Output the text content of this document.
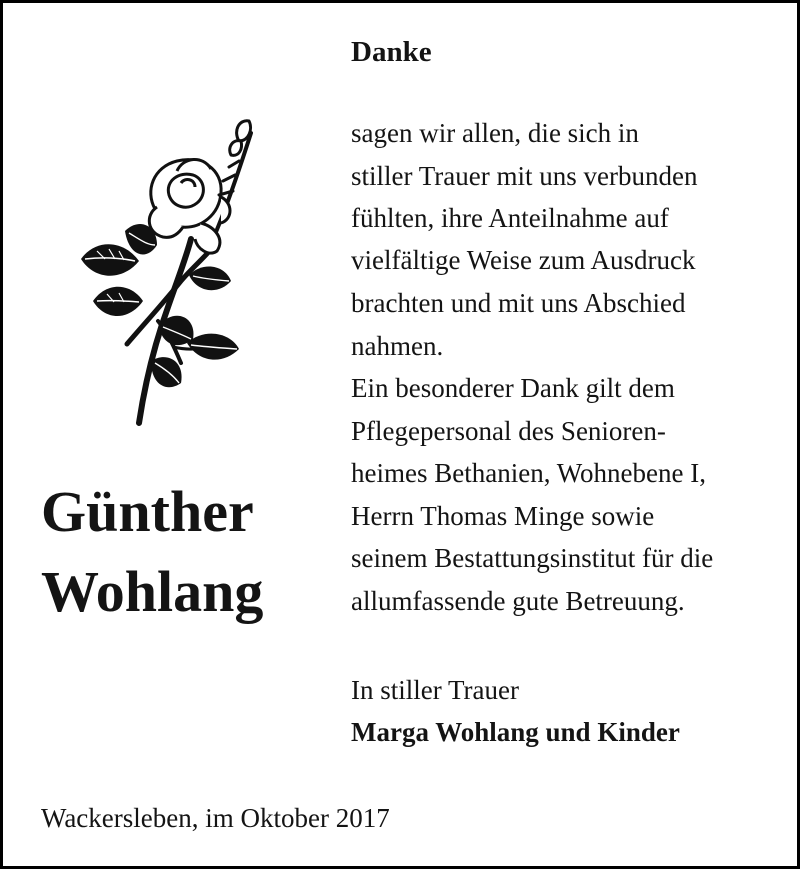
Danke
sagen wir allen, die sich in
stiller Trauer mit uns verbunden
fühlten, ihre Anteilnahme auf
vielfältige Weise zum Ausdruck
brachten und mit uns Abschied
nahmen.
Ein besonderer Dank gilt dem
Pflegepersonal des Senioren-
heimes Bethanien, Wohnebene I,
Herrn Thomas Minge sowie
seinem Bestattungsinstitut für die
allumfassende gute Betreuung.
In stiller Trauer
Marga Wohlang und Kinder
Günther
Wohlang
Wackersleben, im Oktober 2017
